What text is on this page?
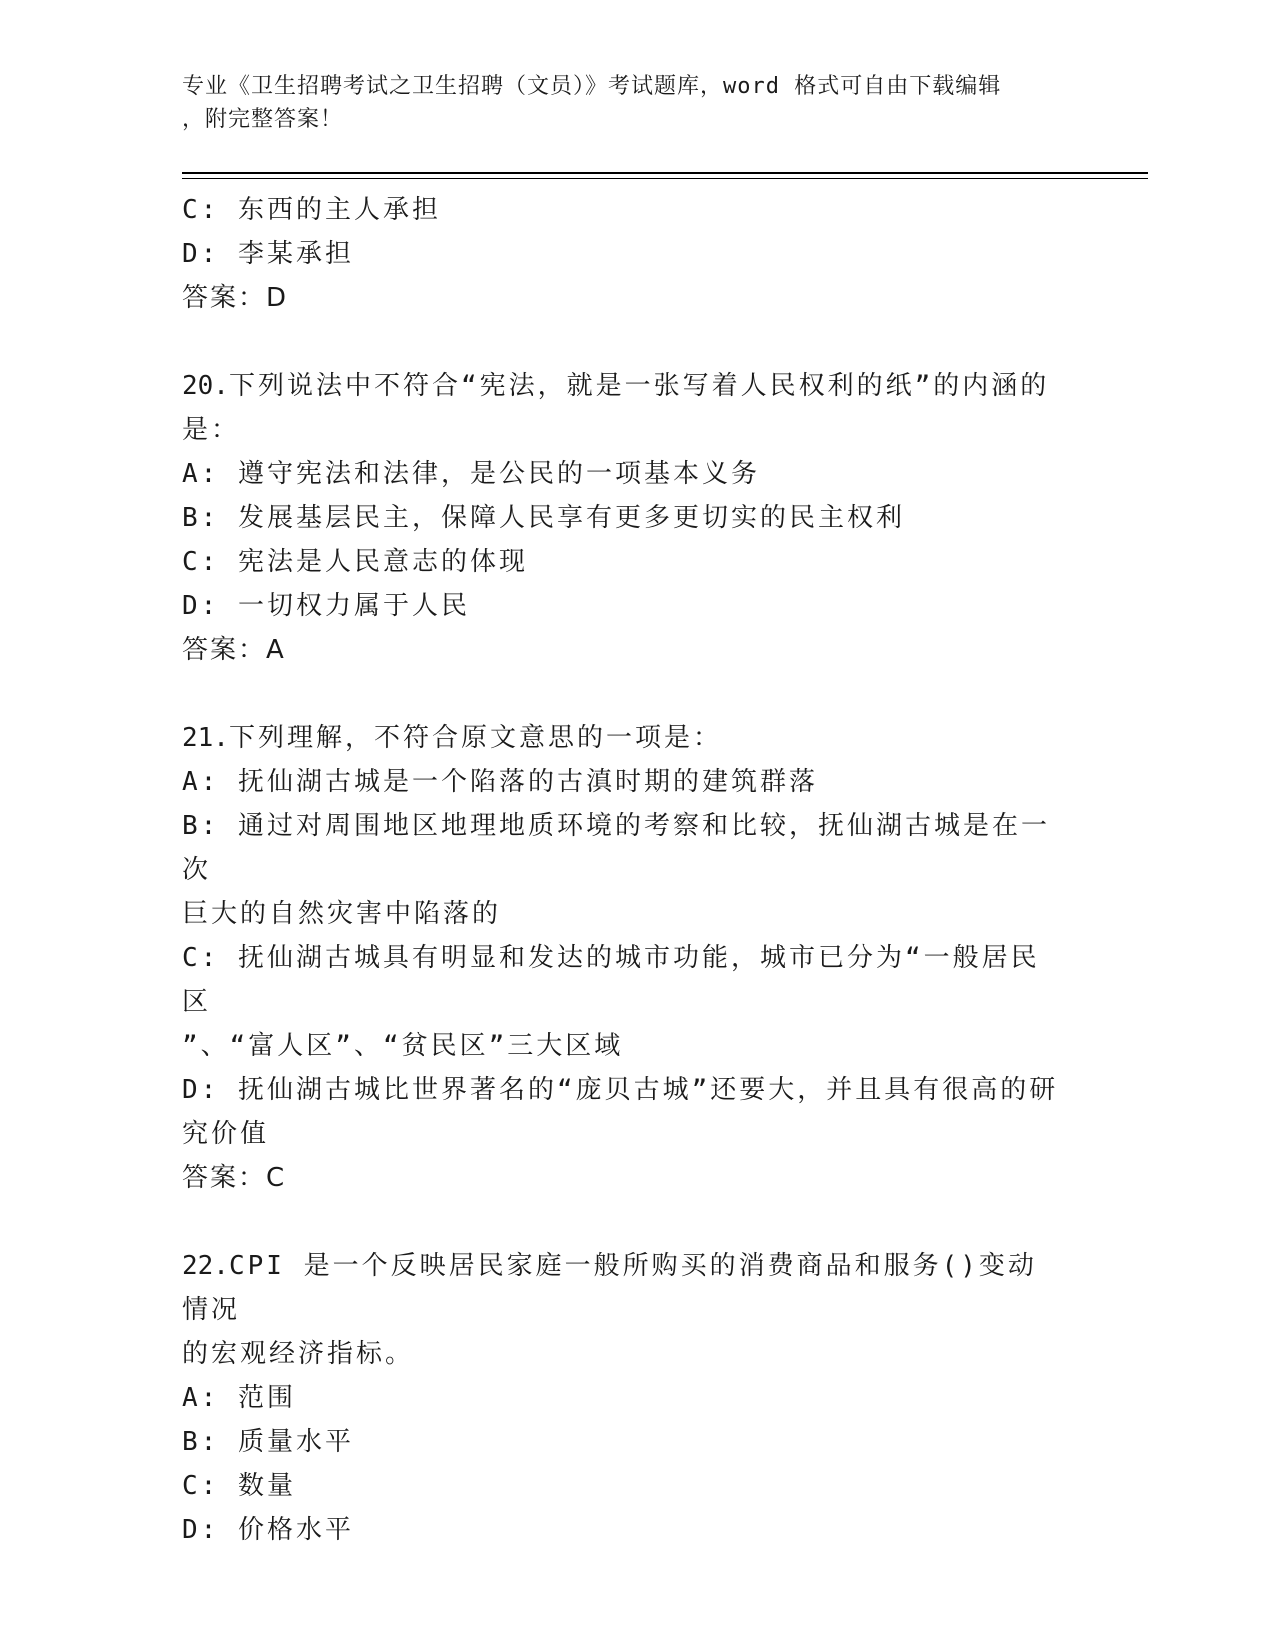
专业《卫生招聘考试之卫生招聘（文员）》考试题库，word 格式可自由下载编辑
，附完整答案！

C: 东西的主人承担

D: 李某承担

答案：D

20.下列说法中不符合“宪法，就是一张写着人民权利的纸”的内涵的

是：

A: 遵守宪法和法律，是公民的一项基本义务

B: 发展基层民主，保障人民享有更多更切实的民主权利

C: 宪法是人民意志的体现

D: 一切权力属于人民

答案：A

21.下列理解，不符合原文意思的一项是：

A: 抚仙湖古城是一个陷落的古滇时期的建筑群落

B: 通过对周围地区地理地质环境的考察和比较，抚仙湖古城是在一次

巨大的自然灾害中陷落的

C: 抚仙湖古城具有明显和发达的城市功能，城市已分为“一般居民区

”、“富人区”、“贫民区”三大区域

D: 抚仙湖古城比世界著名的“庞贝古城”还要大，并且具有很高的研

究价值

答案：C

22.CPI 是一个反映居民家庭一般所购买的消费商品和服务()变动情况

的宏观经济指标。

A: 范围

B: 质量水平

C: 数量

D: 价格水平
